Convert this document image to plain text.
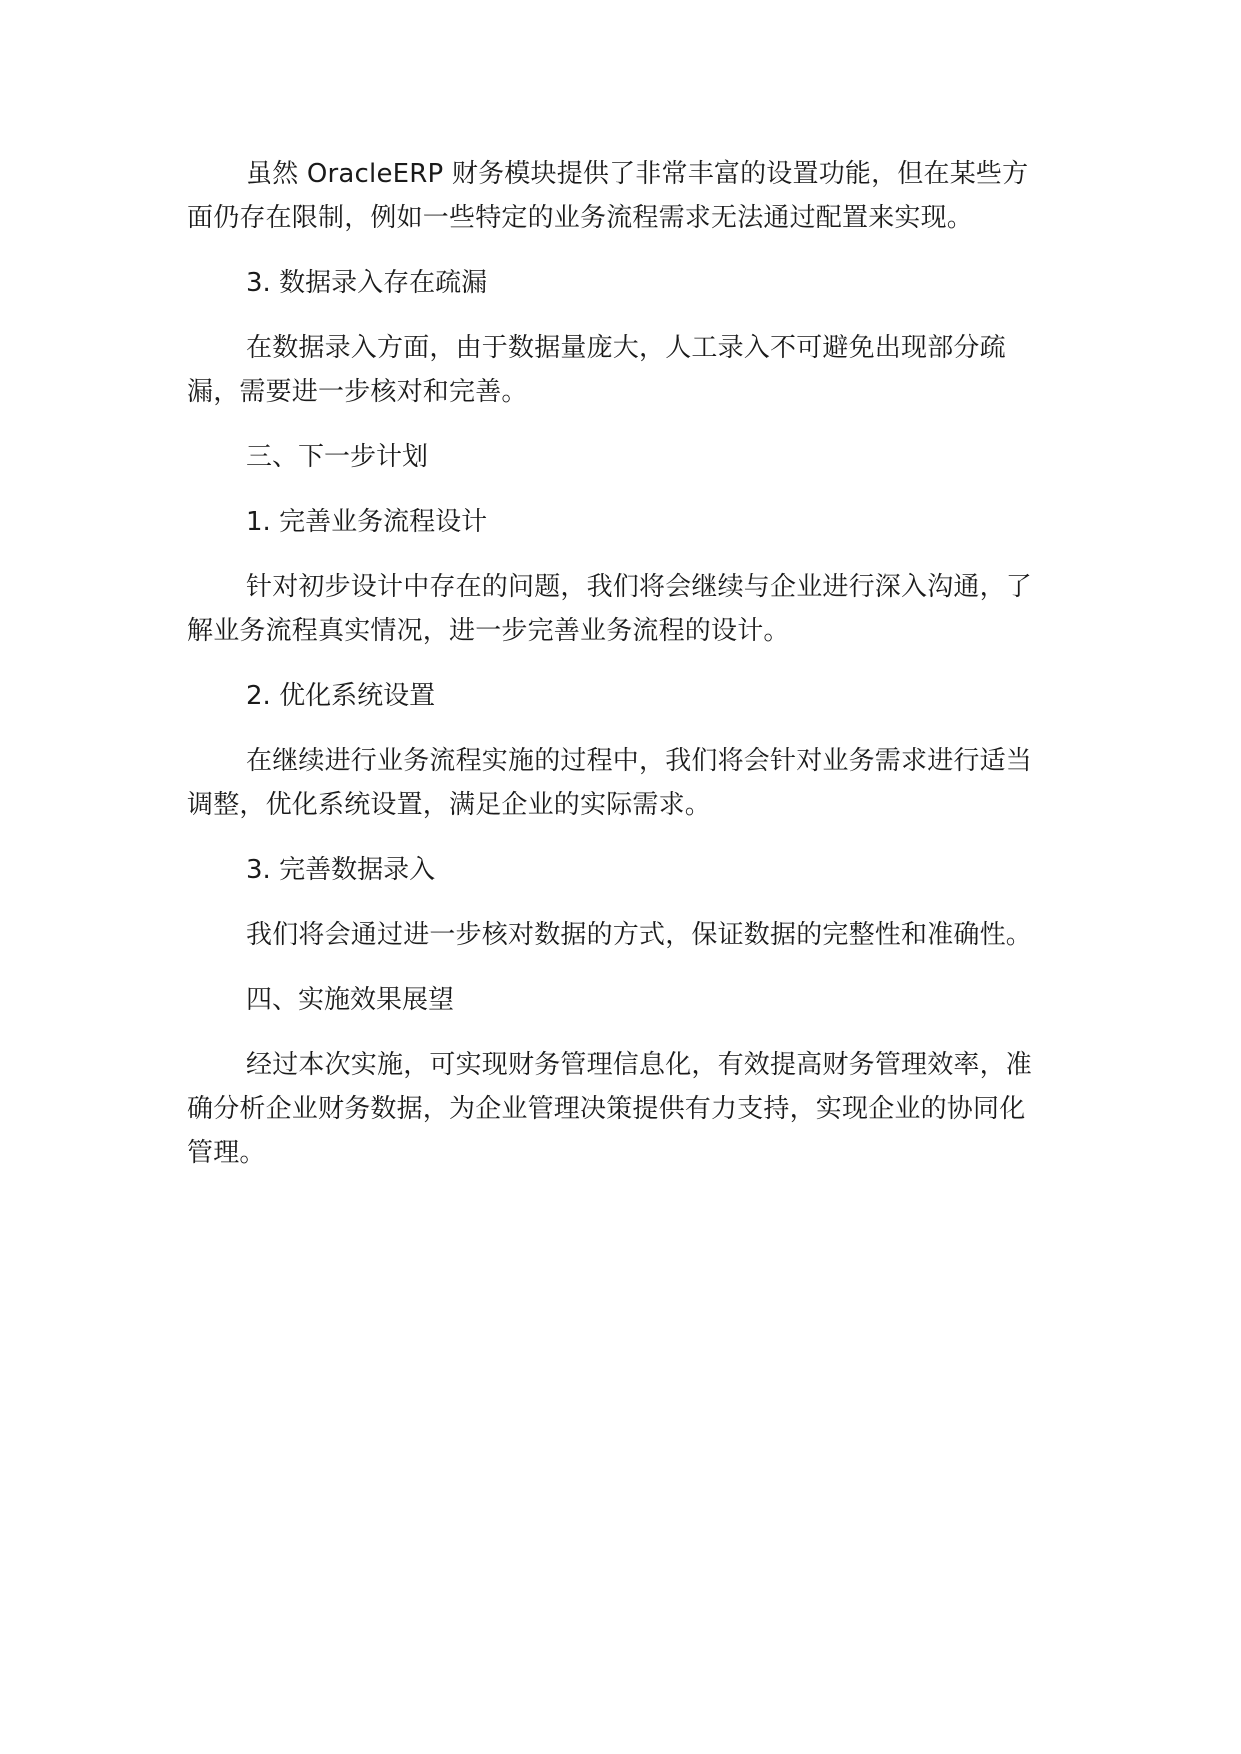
虽然 OracleERP 财务模块提供了非常丰富的设置功能，但在某些方面仍存在限制，例如一些特定的业务流程需求无法通过配置来实现。

3. 数据录入存在疏漏

在数据录入方面，由于数据量庞大，人工录入不可避免出现部分疏漏，需要进一步核对和完善。

三、下一步计划

1. 完善业务流程设计

针对初步设计中存在的问题，我们将会继续与企业进行深入沟通，了解业务流程真实情况，进一步完善业务流程的设计。

2. 优化系统设置

在继续进行业务流程实施的过程中，我们将会针对业务需求进行适当调整，优化系统设置，满足企业的实际需求。

3. 完善数据录入

我们将会通过进一步核对数据的方式，保证数据的完整性和准确性。

四、实施效果展望

经过本次实施，可实现财务管理信息化，有效提高财务管理效率，准确分析企业财务数据，为企业管理决策提供有力支持，实现企业的协同化管理。
